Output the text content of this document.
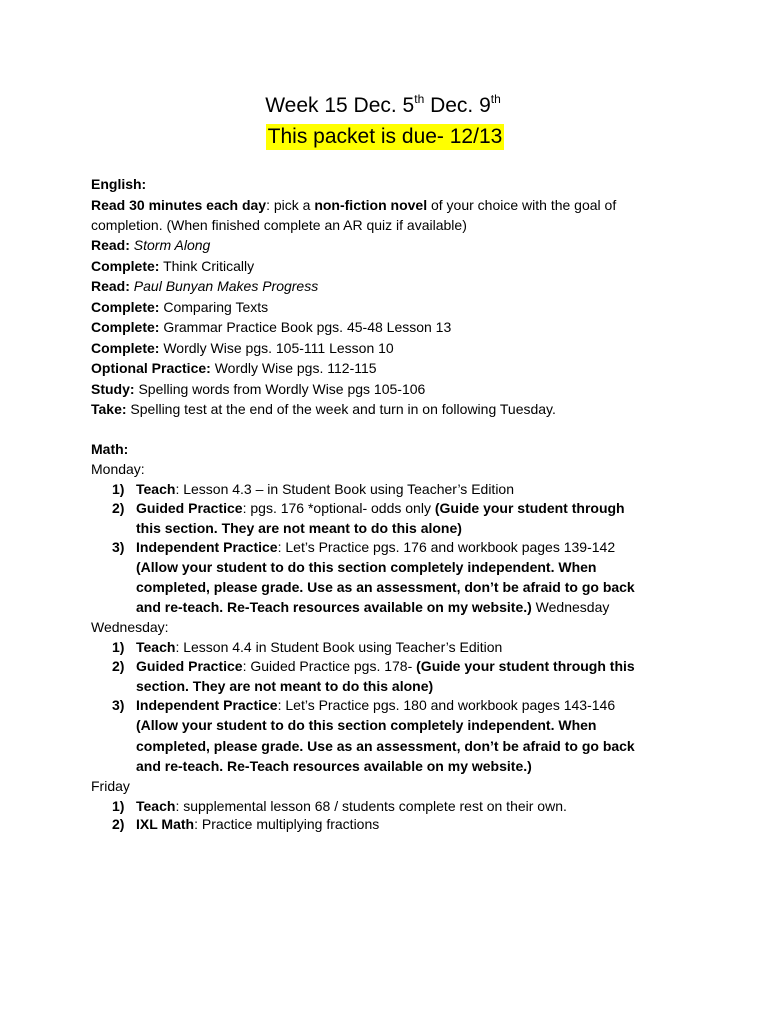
Week 15 Dec. 5th Dec. 9th
This packet is due- 12/13
English:
Read 30 minutes each day: pick a non-fiction novel of your choice with the goal of
completion. (When finished complete an AR quiz if available)
Read: Storm Along
Complete: Think Critically
Read: Paul Bunyan Makes Progress
Complete: Comparing Texts
Complete: Grammar Practice Book pgs. 45-48 Lesson 13
Complete: Wordly Wise pgs. 105-111 Lesson 10
Optional Practice: Wordly Wise pgs. 112-115
Study: Spelling words from Wordly Wise pgs 105-106
Take: Spelling test at the end of the week and turn in on following Tuesday.
Math:
Monday:
1) Teach: Lesson 4.3 – in Student Book using Teacher’s Edition
2) Guided Practice: pgs. 176 *optional- odds only (Guide your student through
this section. They are not meant to do this alone)
3) Independent Practice: Let’s Practice pgs. 176 and workbook pages 139-142
(Allow your student to do this section completely independent. When
completed, please grade. Use as an assessment, don’t be afraid to go back
and re-teach. Re-Teach resources available on my website.) Wednesday
Wednesday:
1) Teach: Lesson 4.4 in Student Book using Teacher’s Edition
2) Guided Practice: Guided Practice pgs. 178- (Guide your student through this
section. They are not meant to do this alone)
3) Independent Practice: Let’s Practice pgs. 180 and workbook pages 143-146
(Allow your student to do this section completely independent. When
completed, please grade. Use as an assessment, don’t be afraid to go back
and re-teach. Re-Teach resources available on my website.)
Friday
1) Teach: supplemental lesson 68 / students complete rest on their own.
2) IXL Math: Practice multiplying fractions
